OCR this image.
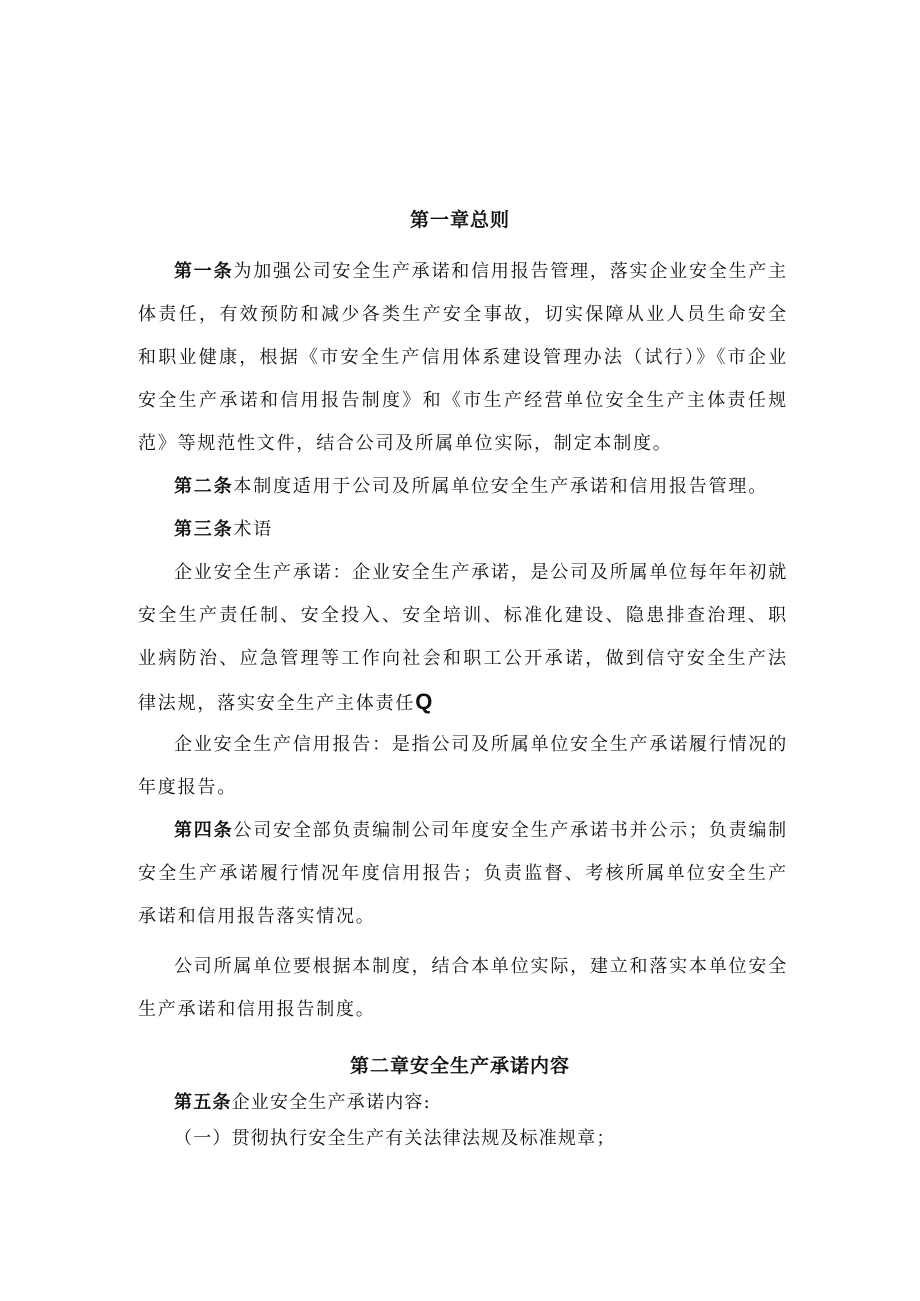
第一章总则

第一条为加强公司安全生产承诺和信用报告管理，落实企业安全生产主体责任，有效预防和减少各类生产安全事故，切实保障从业人员生命安全和职业健康，根据《市安全生产信用体系建设管理办法（试行）》《市企业安全生产承诺和信用报告制度》和《市生产经营单位安全生产主体责任规范》等规范性文件，结合公司及所属单位实际，制定本制度。

第二条本制度适用于公司及所属单位安全生产承诺和信用报告管理。

第三条术语

企业安全生产承诺：企业安全生产承诺，是公司及所属单位每年年初就安全生产责任制、安全投入、安全培训、标准化建设、隐患排查治理、职业病防治、应急管理等工作向社会和职工公开承诺，做到信守安全生产法律法规，落实安全生产主体责任Q

企业安全生产信用报告：是指公司及所属单位安全生产承诺履行情况的年度报告。

第四条公司安全部负责编制公司年度安全生产承诺书并公示；负责编制安全生产承诺履行情况年度信用报告；负责监督、考核所属单位安全生产承诺和信用报告落实情况。

公司所属单位要根据本制度，结合本单位实际，建立和落实本单位安全生产承诺和信用报告制度。

第二章安全生产承诺内容

第五条企业安全生产承诺内容:

（一）贯彻执行安全生产有关法律法规及标准规章；
